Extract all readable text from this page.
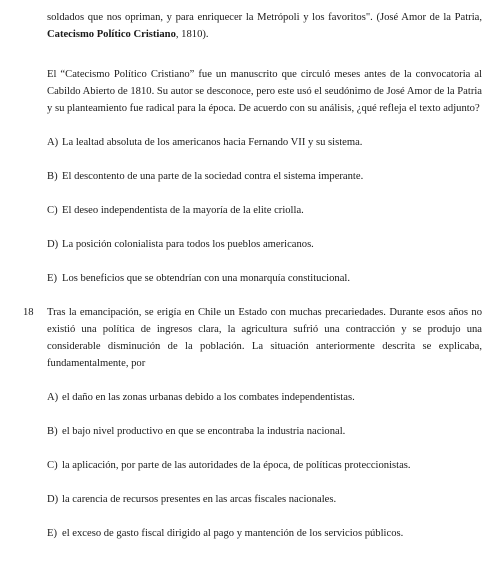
soldados que nos opriman, y para enriquecer la Metrópoli y los favoritos". (José Amor de la Patria, Catecismo Político Cristiano, 1810).

El “Catecismo Político Cristiano” fue un manuscrito que circuló meses antes de la convocatoria al Cabildo Abierto de 1810. Su autor se desconoce, pero este usó el seudónimo de José Amor de la Patria y su planteamiento fue radical para la época. De acuerdo con su análisis, ¿qué refleja el texto adjunto?

A) La lealtad absoluta de los americanos hacia Fernando VII y su sistema.
B) El descontento de una parte de la sociedad contra el sistema imperante.
C) El deseo independentista de la mayoría de la elite criolla.
D) La posición colonialista para todos los pueblos americanos.
E) Los beneficios que se obtendrían con una monarquía constitucional.
18 Tras la emancipación, se erigía en Chile un Estado con muchas precariedades. Durante esos años no existió una política de ingresos clara, la agricultura sufrió una contracción y se produjo una considerable disminución de la población. La situación anteriormente descrita se explicaba, fundamentalmente, por

A) el daño en las zonas urbanas debido a los combates independentistas.
B) el bajo nivel productivo en que se encontraba la industria nacional.
C) la aplicación, por parte de las autoridades de la época, de políticas proteccionistas.
D) la carencia de recursos presentes en las arcas fiscales nacionales.
E) el exceso de gasto fiscal dirigido al pago y mantención de los servicios públicos.
